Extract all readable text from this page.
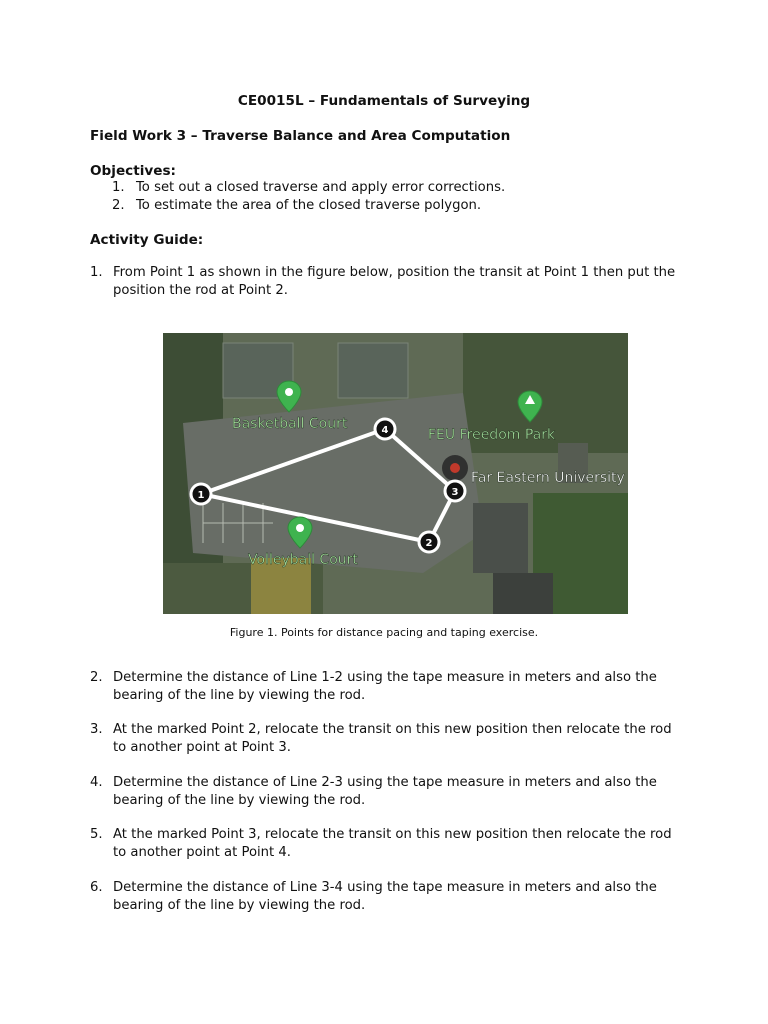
CE0015L – Fundamentals of Surveying
Field Work 3 – Traverse Balance and Area Computation
Objectives:
1. To set out a closed traverse and apply error corrections.
2. To estimate the area of the closed traverse polygon.
Activity Guide:
1. From Point 1 as shown in the figure below, position the transit at Point 1 then put the position the rod at Point 2.
1
2
3
4
Basketball Court
FEU Freedom Park
Far Eastern University
Volleyball Court
Figure 1. Points for distance pacing and taping exercise.
2. Determine the distance of Line 1-2 using the tape measure in meters and also the bearing of the line by viewing the rod.
3. At the marked Point 2, relocate the transit on this new position then relocate the rod to another point at Point 3.
4. Determine the distance of Line 2-3 using the tape measure in meters and also the bearing of the line by viewing the rod.
5. At the marked Point 3, relocate the transit on this new position then relocate the rod to another point at Point 4.
6. Determine the distance of Line 3-4 using the tape measure in meters and also the bearing of the line by viewing the rod.
